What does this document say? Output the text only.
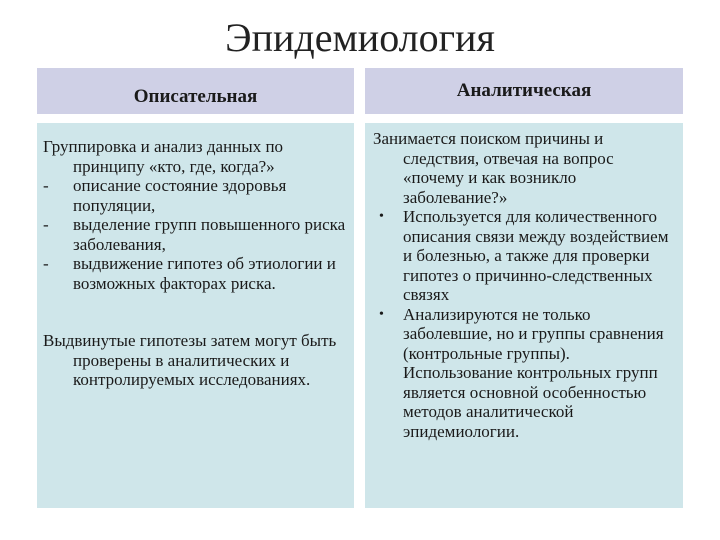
Эпидемиология
Описательная	Аналитическая
Группировка и анализ данных по принципу «кто, где, когда?»
-	описание состояние здоровья популяции,
-	выделение групп повышенного риска заболевания,
-	выдвижение гипотез об этиологии и возможных факторах риска.
Выдвинутые гипотезы затем могут быть проверены в аналитических и контролируемых исследованиях.
Занимается поиском причины и следствия, отвечая на вопрос «почему и как возникло заболевание?»
•	Используется для количественного описания связи между воздействием и болезнью, а также для проверки гипотез о причинно-следственных связях
•	Анализируются не только заболевшие, но и группы сравнения (контрольные группы). Использование контрольных групп является основной особенностью методов аналитической эпидемиологии.
